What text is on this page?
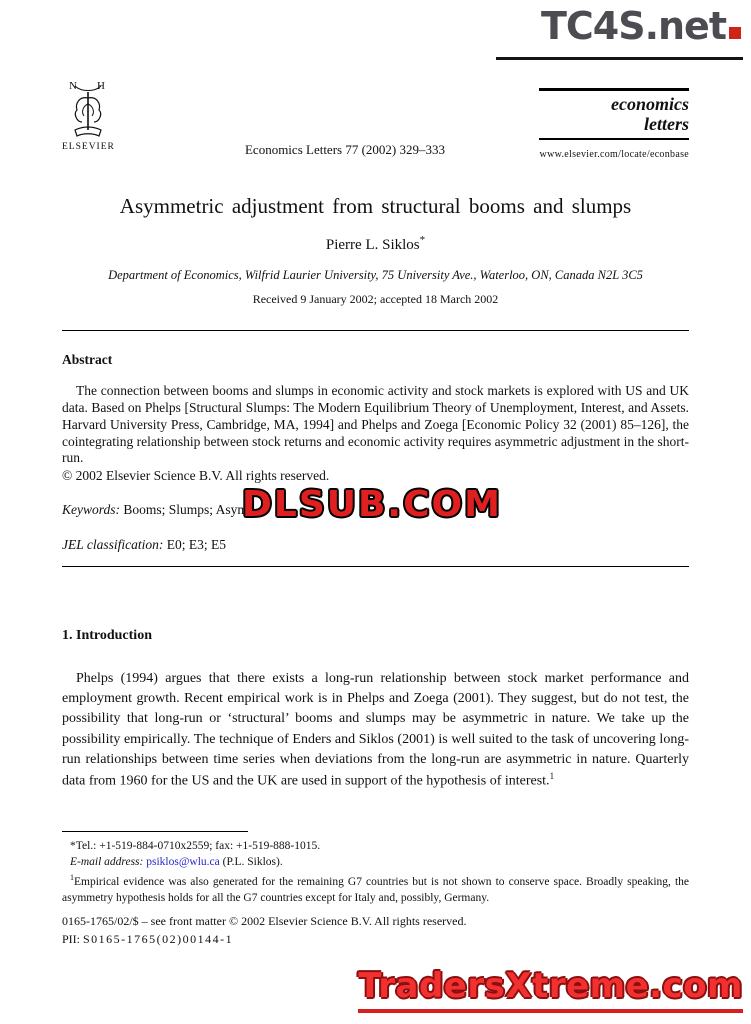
TC4S.net
N H
ELSEVIER	Economics Letters 77 (2002) 329–333
economics
letters
www.elsevier.com/locate/econbase
Asymmetric adjustment from structural booms and slumps
Pierre L. Siklos*
Department of Economics, Wilfrid Laurier University, 75 University Ave., Waterloo, ON, Canada N2L 3C5
Received 9 January 2002; accepted 18 March 2002
Abstract

The connection between booms and slumps in economic activity and stock markets is explored with US and UK data. Based on Phelps [Structural Slumps: The Modern Equilibrium Theory of Unemployment, Interest, and Assets. Harvard University Press, Cambridge, MA, 1994] and Phelps and Zoega [Economic Policy 32 (2001) 85–126], the cointegrating relationship between stock returns and economic activity requires asymmetric adjustment in the short-run.

© 2002 Elsevier Science B.V. All rights reserved.
Keywords: Booms; Slumps; Asym
JEL classification: E0; E3; E5
1. Introduction

Phelps (1994) argues that there exists a long-run relationship between stock market performance and employment growth. Recent empirical work is in Phelps and Zoega (2001). They suggest, but do not test, the possibility that long-run or ‘structural’ booms and slumps may be asymmetric in nature. We take up the possibility empirically. The technique of Enders and Siklos (2001) is well suited to the task of uncovering long-run relationships between time series when deviations from the long-run are asymmetric in nature. Quarterly data from 1960 for the US and the UK are used in support of the hypothesis of interest.$^1$

*Tel.: +1-519-884-0710x2559; fax: +1-519-888-1015.
E-mail address: psiklos@wlu.ca (P.L. Siklos).
$^1$Empirical evidence was also generated for the remaining G7 countries but is not shown to conserve space. Broadly speaking, the asymmetry hypothesis holds for all the G7 countries except for Italy and, possibly, Germany.
0165-1765/02/$ – see front matter © 2002 Elsevier Science B.V. All rights reserved.
PII: S0165-1765(02)00144-1
DLSUB.COM
TradersXtreme.com
